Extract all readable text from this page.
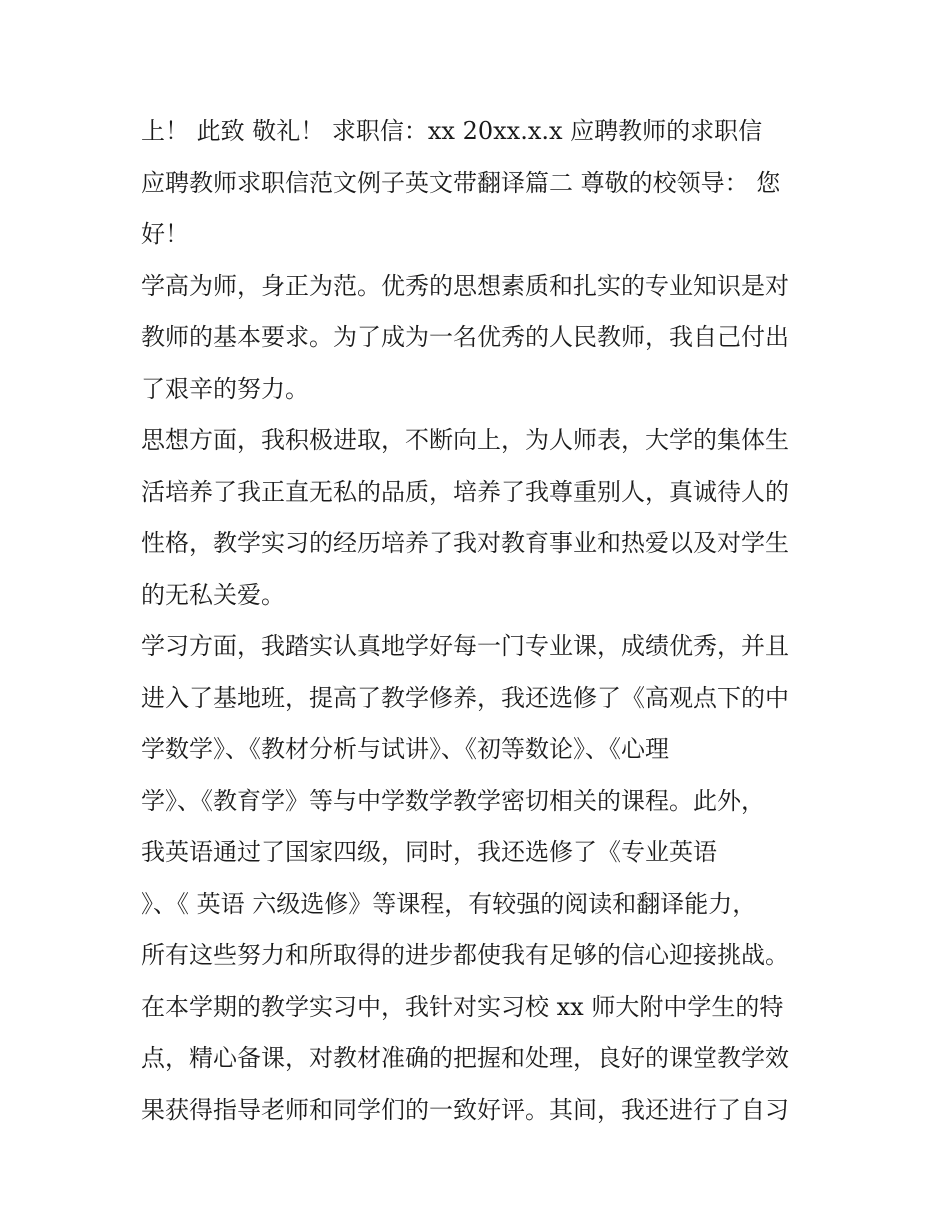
上！ 此致 敬礼！ 求职信：xx 20xx.x.x 应聘教师的求职信
应聘教师求职信范文例子英文带翻译篇二 尊敬的校领导： 您
好！
学高为师，身正为范。优秀的思想素质和扎实的专业知识是对
教师的基本要求。为了成为一名优秀的人民教师，我自己付出
了艰辛的努力。
思想方面，我积极进取，不断向上，为人师表，大学的集体生
活培养了我正直无私的品质，培养了我尊重别人，真诚待人的
性格，教学实习的经历培养了我对教育事业和热爱以及对学生
的无私关爱。
学习方面，我踏实认真地学好每一门专业课，成绩优秀，并且
进入了基地班，提高了教学修养，我还选修了《高观点下的中
学数学》、《教材分析与试讲》、《初等数论》、《心理
学》、《教育学》等与中学数学教学密切相关的课程。此外，
我英语通过了国家四级，同时，我还选修了《专业英语
》、《 英语 六级选修》等课程，有较强的阅读和翻译能力，
所有这些努力和所取得的进步都使我有足够的信心迎接挑战。
在本学期的教学实习中，我针对实习校 xx 师大附中学生的特
点，精心备课，对教材准确的把握和处理，良好的课堂教学效
果获得指导老师和同学们的一致好评。其间，我还进行了自习
